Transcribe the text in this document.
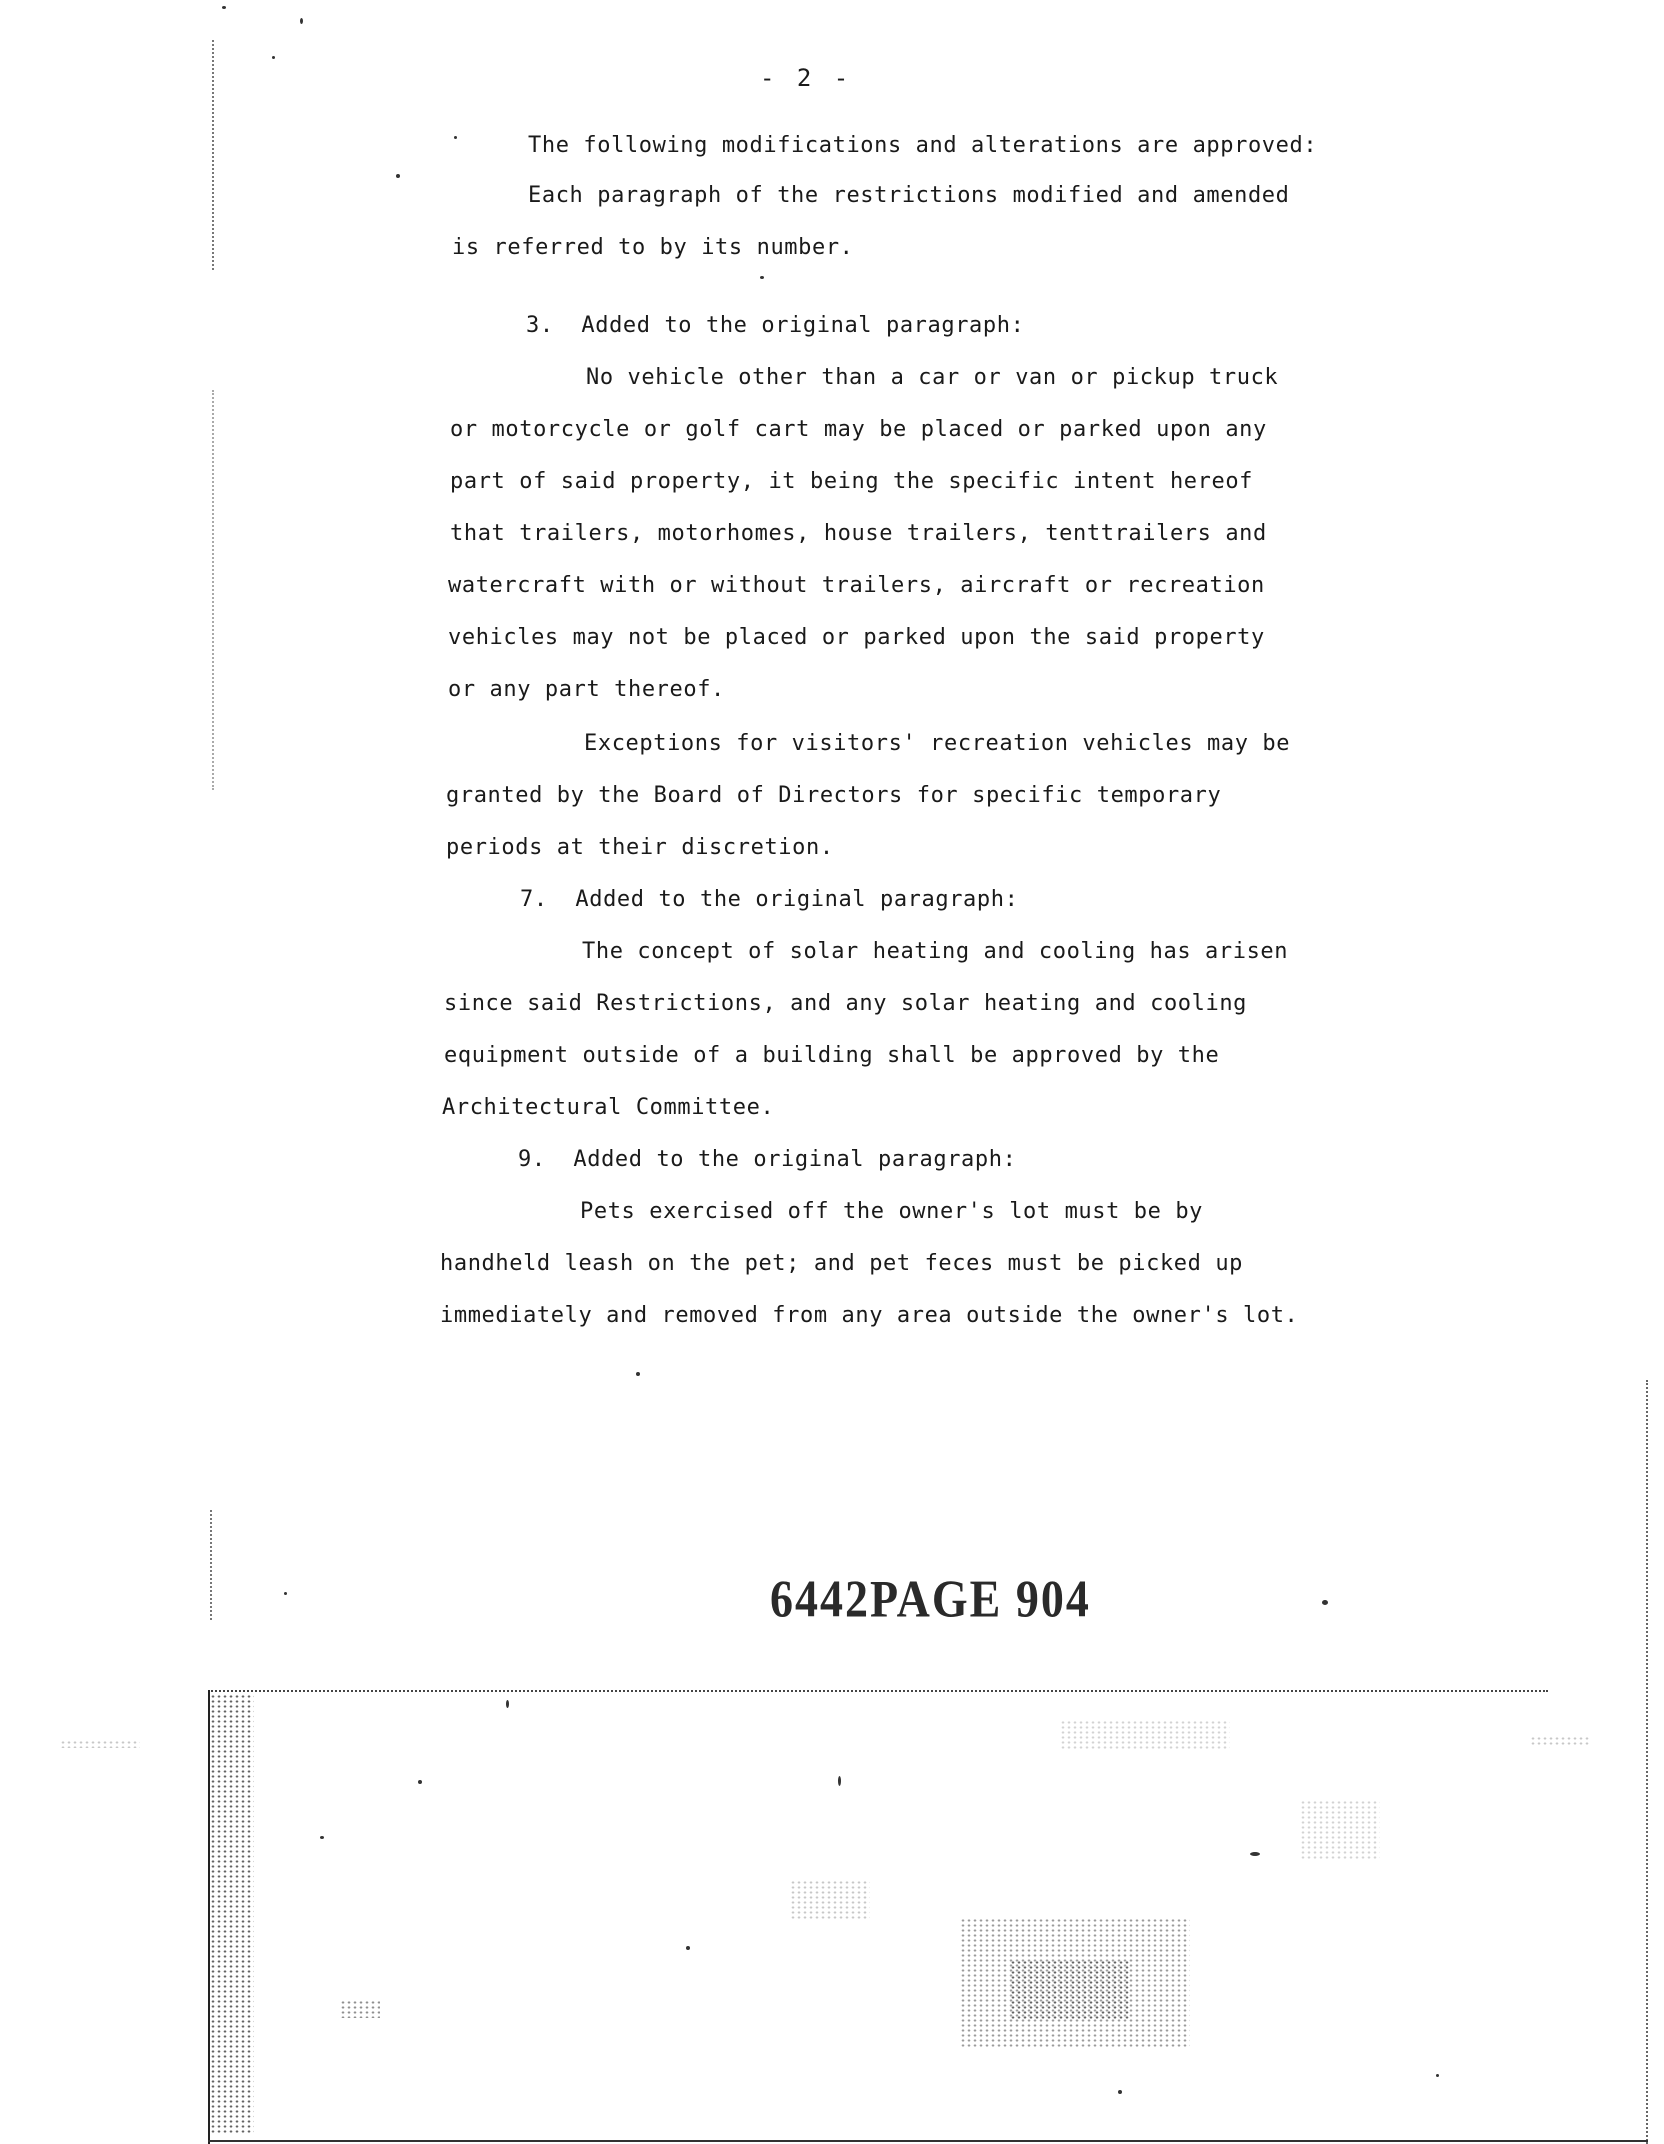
- 2 -
The following modifications and alterations are approved:
Each paragraph of the restrictions modified and amended
is referred to by its number.
3.  Added to the original paragraph:
No vehicle other than a car or van or pickup truck
or motorcycle or golf cart may be placed or parked upon any
part of said property, it being the specific intent hereof
that trailers, motorhomes, house trailers, tenttrailers and
watercraft with or without trailers, aircraft or recreation
vehicles may not be placed or parked upon the said property
or any part thereof.
Exceptions for visitors' recreation vehicles may be
granted by the Board of Directors for specific temporary
periods at their discretion.
7.  Added to the original paragraph:
The concept of solar heating and cooling has arisen
since said Restrictions, and any solar heating and cooling
equipment outside of a building shall be approved by the
Architectural Committee.
9.  Added to the original paragraph:
Pets exercised off the owner's lot must be by
handheld leash on the pet; and pet feces must be picked up
immediately and removed from any area outside the owner's lot.
6442PAGE 904
